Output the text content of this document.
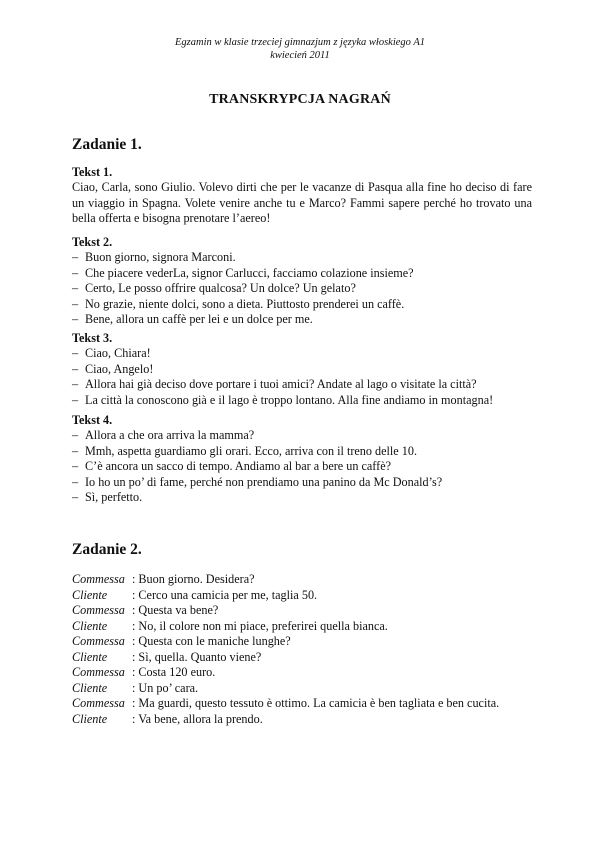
Egzamin w klasie trzeciej gimnazjum z języka włoskiego A1
kwiecień 2011
TRANSKRYPCJA NAGRAŃ
Zadanie 1.
Tekst 1.
Ciao, Carla, sono Giulio. Volevo dirti che per le vacanze di Pasqua alla fine ho deciso di fare un viaggio in Spagna. Volete venire anche tu e Marco? Fammi sapere perché ho trovato una bella offerta e bisogna prenotare l’aereo!
Tekst 2.
– Buon giorno, signora Marconi.
– Che piacere vederLa, signor Carlucci, facciamo colazione insieme?
– Certo, Le posso offrire qualcosa? Un dolce? Un gelato?
– No grazie, niente dolci, sono a dieta. Piuttosto prenderei un caffè.
– Bene, allora un caffè per lei e un dolce per me.
Tekst 3.
– Ciao, Chiara!
– Ciao, Angelo!
– Allora hai già deciso dove portare i tuoi amici? Andate al lago o visitate la città?
– La città la conoscono già e il lago è troppo lontano. Alla fine andiamo in montagna!
Tekst 4.
– Allora a che ora arriva la mamma?
– Mmh, aspetta guardiamo gli orari. Ecco, arriva con il treno delle 10.
– C’è ancora un sacco di tempo. Andiamo al bar a bere un caffè?
– Io ho un po’ di fame, perché non prendiamo una panino da Mc Donald’s?
– Sì, perfetto.
Zadanie 2.
Commessa : Buon giorno. Desidera?
Cliente : Cerco una camicia per me, taglia 50.
Commessa : Questa va bene?
Cliente : No, il colore non mi piace, preferirei quella bianca.
Commessa : Questa con le maniche lunghe?
Cliente : Sì, quella. Quanto viene?
Commessa : Costa 120 euro.
Cliente : Un po’ cara.
Commessa : Ma guardi, questo tessuto è ottimo. La camicia è ben tagliata e ben cucita.
Cliente : Va bene, allora la prendo.
